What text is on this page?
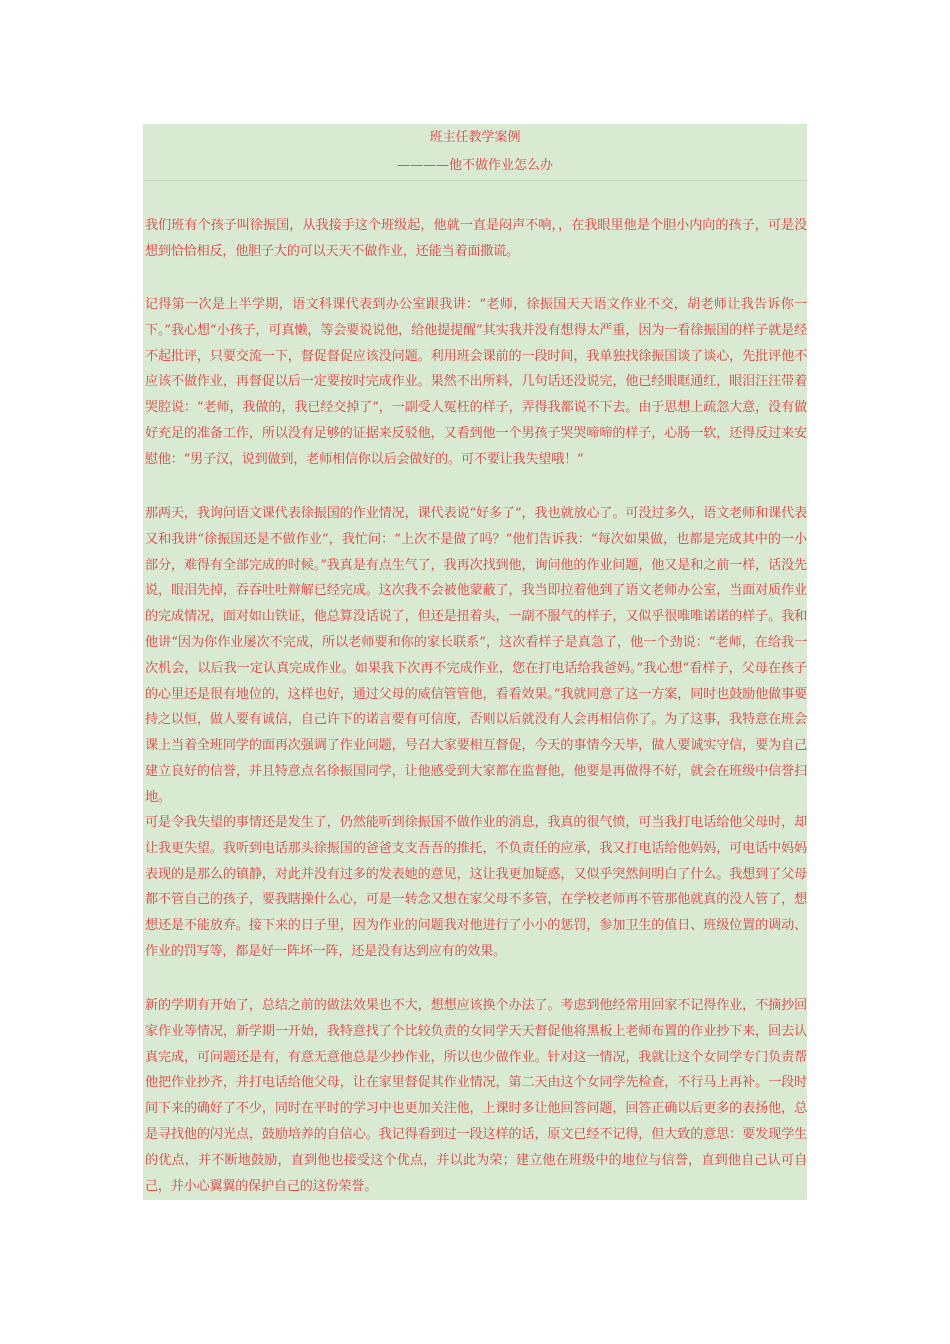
班主任教学案例
————他不做作业怎么办

我们班有个孩子叫徐振国，从我接手这个班级起，他就一直是闷声不响，，在我眼里他是个胆小内向的孩子，可是没想到恰恰相反，他胆子大的可以天天不做作业，还能当着面撒谎。

记得第一次是上半学期，语文科课代表到办公室跟我讲：“老师，徐振国天天语文作业不交，胡老师让我告诉你一下。”我心想“小孩子，可真懒，等会要说说他，给他提提醒”其实我并没有想得太严重，因为一看徐振国的样子就是经不起批评，只要交流一下，督促督促应该没问题。利用班会课前的一段时间，我单独找徐振国谈了谈心，先批评他不应该不做作业，再督促以后一定要按时完成作业。果然不出所料，几句话还没说完，他已经眼眶通红，眼泪汪汪带着哭腔说：“老师，我做的，我已经交掉了”，一副受人冤枉的样子，弄得我都说不下去。由于思想上疏忽大意，没有做好充足的准备工作，所以没有足够的证据来反驳他，又看到他一个男孩子哭哭啼啼的样子，心肠一软，还得反过来安慰他：“男子汉，说到做到，老师相信你以后会做好的。可不要让我失望哦！”

那两天，我询问语文课代表徐振国的作业情况，课代表说“好多了”，我也就放心了。可没过多久，语文老师和课代表又和我讲“徐振国还是不做作业”，我忙问：“上次不是做了吗？”他们告诉我：“每次如果做，也都是完成其中的一小部分，难得有全部完成的时候。”我真是有点生气了，我再次找到他，询问他的作业问题，他又是和之前一样，话没先说，眼泪先掉，吞吞吐吐辩解已经完成。这次我不会被他蒙蔽了，我当即拉着他到了语文老师办公室，当面对质作业的完成情况，面对如山铁证，他总算没话说了，但还是扭着头，一副不服气的样子，又似乎很唯唯诺诺的样子。我和他讲“因为你作业屡次不完成，所以老师要和你的家长联系”，这次看样子是真急了，他一个劲说：“老师，在给我一次机会，以后我一定认真完成作业。如果我下次再不完成作业，您在打电话给我爸妈。”我心想“看样子，父母在孩子的心里还是很有地位的，这样也好，通过父母的威信管管他，看看效果。”我就同意了这一方案，同时也鼓励他做事要持之以恒，做人要有诚信，自己许下的诺言要有可信度，否则以后就没有人会再相信你了。为了这事，我特意在班会课上当着全班同学的面再次强调了作业问题，号召大家要相互督促，今天的事情今天毕，做人要诚实守信，要为自己建立良好的信誉，并且特意点名徐振国同学，让他感受到大家都在监督他，他要是再做得不好，就会在班级中信誉扫地。

可是令我失望的事情还是发生了，仍然能听到徐振国不做作业的消息，我真的很气愤，可当我打电话给他父母时，却让我更失望。我听到电话那头徐振国的爸爸支支吾吾的推托，不负责任的应承，我又打电话给他妈妈，可电话中妈妈表现的是那么的镇静，对此并没有过多的发表她的意见，这让我更加疑惑，又似乎突然间明白了什么。我想到了父母都不管自己的孩子，要我瞎操什么心，可是一转念又想在家父母不多管，在学校老师再不管那他就真的没人管了，想想还是不能放弃。接下来的日子里，因为作业的问题我对他进行了小小的惩罚，参加卫生的值日、班级位置的调动、作业的罚写等，都是好一阵坏一阵，还是没有达到应有的效果。

新的学期有开始了，总结之前的做法效果也不大，想想应该换个办法了。考虑到他经常用回家不记得作业，不摘抄回家作业等情况，新学期一开始，我特意找了个比较负责的女同学天天督促他将黑板上老师布置的作业抄下来，回去认真完成，可问题还是有，有意无意他总是少抄作业，所以也少做作业。针对这一情况，我就让这个女同学专门负责帮他把作业抄齐，并打电话给他父母，让在家里督促其作业情况，第二天由这个女同学先检查，不行马上再补。一段时间下来的确好了不少，同时在平时的学习中也更加关注他，上课时多让他回答问题，回答正确以后更多的表扬他，总是寻找他的闪光点，鼓励培养的自信心。我记得看到过一段这样的话，原文已经不记得，但大致的意思：要发现学生的优点，并不断地鼓励，直到他也接受这个优点，并以此为荣；建立他在班级中的地位与信誉，直到他自己认可自己，并小心翼翼的保护自己的这份荣誉。
